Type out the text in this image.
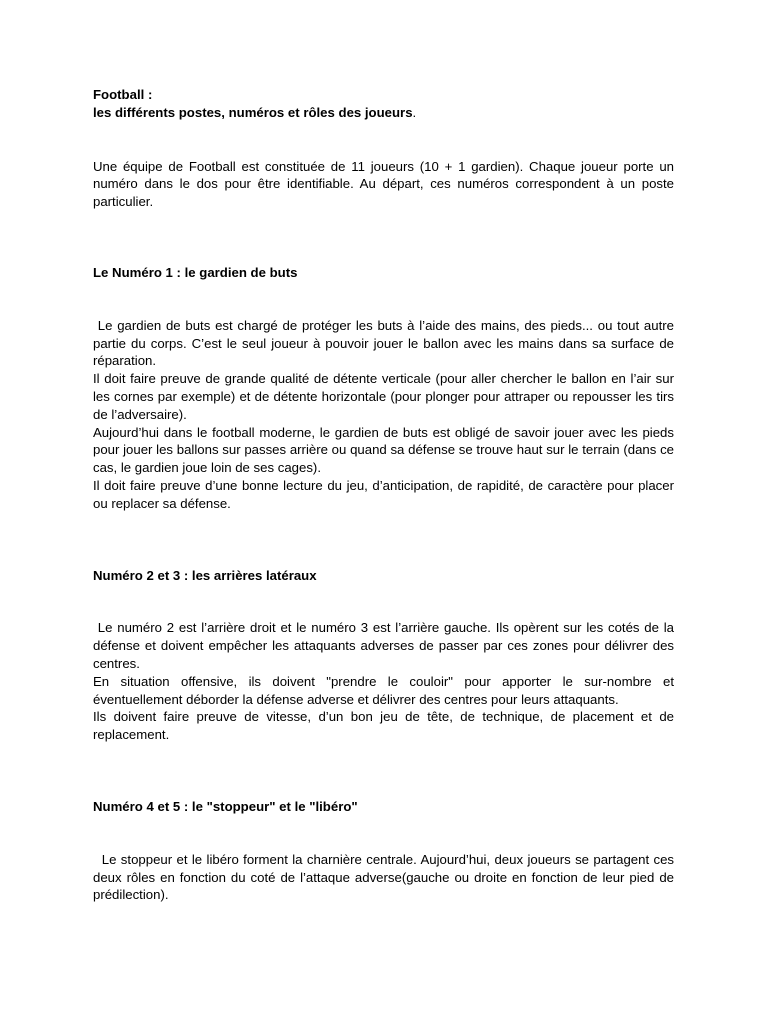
Football :
les différents postes, numéros et rôles des joueurs.

Une équipe de Football est constituée de 11 joueurs (10 + 1 gardien). Chaque joueur porte un numéro dans le dos pour être identifiable. Au départ, ces numéros correspondent à un poste particulier.

Le Numéro 1 : le gardien de buts

Le gardien de buts est chargé de protéger les buts à l’aide des mains, des pieds... ou tout autre partie du corps. C’est le seul joueur à pouvoir jouer le ballon avec les mains dans sa surface de réparation.

Il doit faire preuve de grande qualité de détente verticale (pour aller chercher le ballon en l’air sur les cornes par exemple) et de détente horizontale (pour plonger pour attraper ou repousser les tirs de l’adversaire).

Aujourd’hui dans le football moderne, le gardien de buts est obligé de savoir jouer avec les pieds pour jouer les ballons sur passes arrière ou quand sa défense se trouve haut sur le terrain (dans ce cas, le gardien joue loin de ses cages).

Il doit faire preuve d’une bonne lecture du jeu, d’anticipation, de rapidité, de caractère pour placer ou replacer sa défense.

Numéro 2 et 3 : les arrières latéraux

Le numéro 2 est l’arrière droit et le numéro 3 est l’arrière gauche. Ils opèrent sur les cotés de la défense et doivent empêcher les attaquants adverses de passer par ces zones pour délivrer des centres.

En situation offensive, ils doivent "prendre le couloir" pour apporter le sur-nombre et éventuellement déborder la défense adverse et délivrer des centres pour leurs attaquants.

Ils doivent faire preuve de vitesse, d’un bon jeu de tête, de technique, de placement et de replacement.

Numéro 4 et 5 : le "stoppeur" et le "libéro"

Le stoppeur et le libéro forment la charnière centrale. Aujourd’hui, deux joueurs se partagent ces deux rôles en fonction du coté de l’attaque adverse(gauche ou droite en fonction de leur pied de prédilection).
